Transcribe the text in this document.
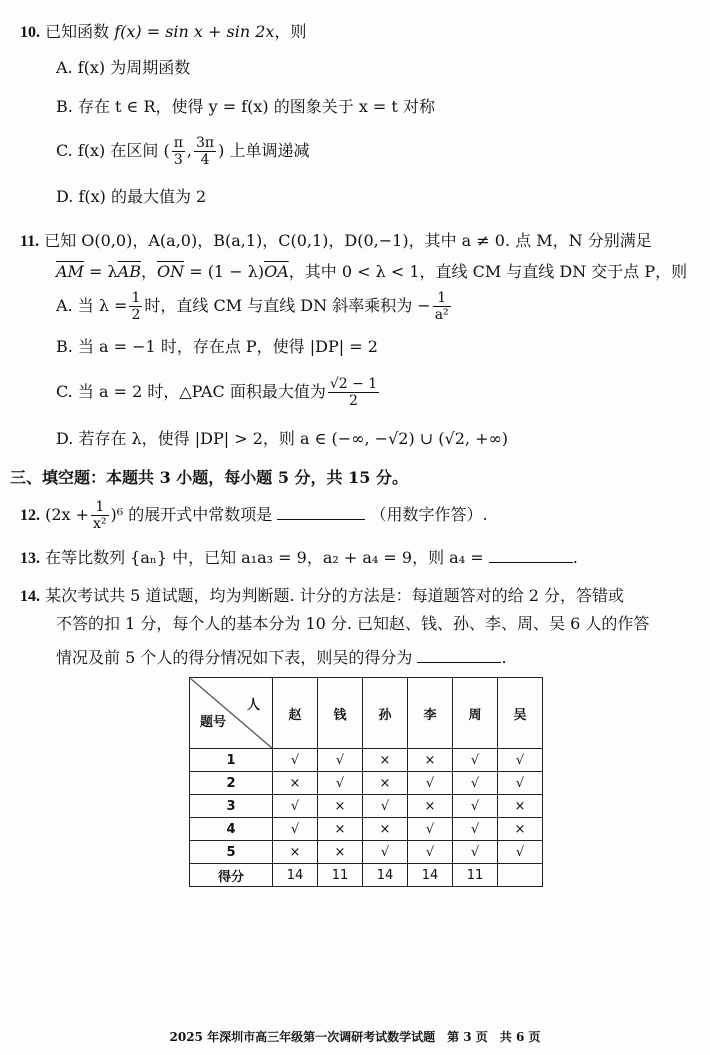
10. 已知函数 f(x) = sin x + sin 2x，则
A. f(x) 为周期函数
B. 存在 t ∈ R，使得 y = f(x) 的图象关于 x = t 对称
C. f(x) 在区间 ( $\frac{\pi}{3}$ , $\frac{3\pi}{4}$ ) 上单调递减
D. f(x) 的最大值为 2
11. 已知 O(0,0)，A(a,0)，B(a,1)，C(0,1)，D(0,−1)，其中 a ≠ 0. 点 M，N 分别满足
$\overline{AM} = \lambda\overline{AB}$，$\overline{ON} = (1 - \lambda)\overline{OA}$，其中 0 < λ < 1，直线 CM 与直线 DN 交于点 P，则
A. 当 $\lambda = \frac{1}{2}$ 时，直线 CM 与直线 DN 斜率乘积为 − $\frac{1}{\text{a²}}$
B. 当 a = −1 时，存在点 P，使得 |DP| = 2
C. 当 a = 2 时，△PAC 面积最大值为 $\frac{√2 - 1}{2}$
D. 若存在 λ，使得 |DP| > 2，则 a ∈ (−∞, −√2) ∪ (√2, +∞)
三、填空题：本题共 3 小题，每小题 5 分，共 15 分。
12. $(2x + \frac{1}{\text{x²}} )^6$ 的展开式中常数项是	（用数字作答）.
13. 在等比数列 {aₙ} 中，已知 a₁a₃ = 9，a₂ + a₄ = 9，则 a₄ =	.
14. 某次考试共 5 道试题，均为判断题. 计分的方法是：每道题答对的给 2 分，答错或
不答的扣 1 分，每个人的基本分为 10 分. 已知赵、钱、孙、李、周、吴 6 人的作答
情况及前 5 个人的得分情况如下表，则吴的得分为	.
人
题号	赵	钱	孙	李	周	吴
1	√	√	×	×	√	√
2	×	√	×	√	√	√
3	√	×	√	×	√	×
4	√	×	×	√	√	×
5	×	×	√	√	√	√
得分	14	11	14	14	11	
2025 年深圳市高三年级第一次调研考试数学试题　第 3 页　共 6 页
